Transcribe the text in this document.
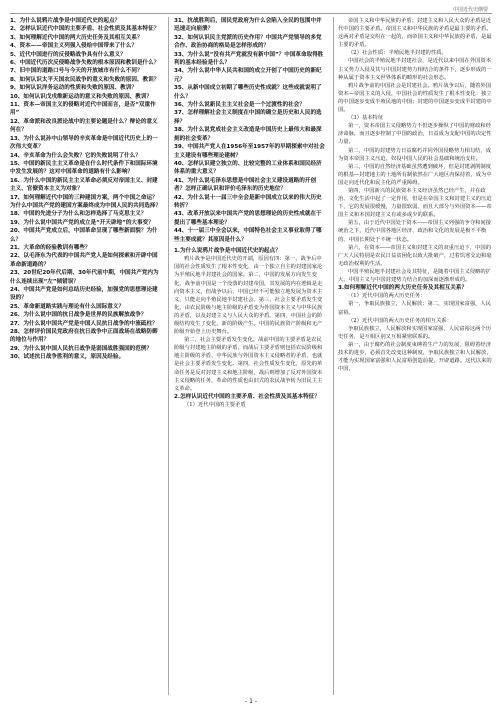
中国近代史纲要

1、为什么说鸦片战争是中国近代史的起点？

2、怎样认识近代中国的主要矛盾、社会性质及其基本特征？

3、如何理解近代中国的两大历史任务及其相互关系？

4、资本——帝国主义列强入侵给中国带来了什么？

5、近代中国进行的反侵略战争具有什么意义？

6、中国近代历次反侵略战争失败的根本原因和教训是什么？

7、旧中国的道路口号与今天的开放城市有什么不同？

8、如何认识太平天国农民战争的意义和失败的原因、教训？

9、如何认识洋务运动的性质和失败的原因、教训？

10、如何认识戊戌维新运动的意义和失败的原因、教训？

11、资本—帝国主义的侵略对近代中国而言，是否“双重作用”

12、革命派和改良派论战中的主要论题是什么？辩论的意义何在？

13、为什么说孙中山领导的辛亥革命是中国近代历史上的一次伟大变革？

14、辛亥革命为什么会失败？它的失败说明了什么？

15、中国的新民主主义革命是在什么时代条件下和国际环境中发生发展的？这对中国革命的道路有什么影响？

16、为什么中国的新民主主义革命必须反对帝国主义、封建主义、官僚资本主义为对象？

17、如何理解近代中国的三种建国方案，两个中国之命运？为什么中国共产党的建国方案最终成为中国人民的共同选择？

18、中国的先进分子为什么和怎样选择了马克思主义？

19、为什么说中国共产党的成立是“开天辟地”的大事变？

20、中国共产党成立后，中国革命呈现了哪些新面貌？为什么？

21、大革命的经验教训有哪些？

22、以毛泽东为代表的中国共产党人是如何探索和开辟中国革命新道路的？

23、20世纪20年代后期、30年代前中期，中国共产党内为什么连续出现“左”倾错误？

24、中国共产党是如何总结历史经验，加强党的思想理论建设的？

25、革命新道路实践与理论有什么国际意义？

26、为什么说中国的抗日战争是世界的民族解放战争？

27、为什么说中国共产党是中国人民抗日战争的中流砥柱？

28、怎样评价国民党政府在抗日战争中正面战场在战略防御的地位与作用？

29、为什么说中国人民抗日战争是弱国战胜强国的范例？

30、试述抗日战争胜利的意义，原因及经验。

31、抗战胜利后，国民党政府为什么会陷入全民的包围中并迅速走向崩溃？

32、如何认识民主党派的历史作用？中国共产党领导的多党合作、政治协商的格局是怎样形成的？

33、为什么说“没有共产党就没有新中国”？中国革命取得胜利的基本经验是什么？

34、为什么说中华人民共和国的成立开创了中国历史的新纪元？

35、从新中国成立初期了哪些历史性成就？这些成就说明了什么？

36、为什么说新民主主义社会是一个过渡性的社会？

37、怎样理解社会主义制度在中国的确立是历史和人民的选择？

38、为什么说党成社会主义改造是中国历史上最伟大和最深刻的社会变革？

39、中国共产党人在1956年至1957年的早期探索中对社会主义建设有哪些理论建树？

40、怎样认识建立独立的、比较完整的工业体系和国民经济体系的重大意义？

41、为什么说毛泽东思想是中国社会主义建设道路的开创者？怎样正确认识和评价毛泽东的历史地位？

42、为什么说十一届三中全会是新中国成立以来的伟大历史转折？

43、改革开放以来中国共产党的思想理论的历史性成就在于提出了哪些基本理论？

44、十一届三中全会以来，中国特色社会主义事业取得了哪些主要成就？其原因是什么？

1.为什么说鸦片战争是中国近代史的起点？

鸦片战争是中国近代史的开端，原因有四：第一，战争后中国的社会性质发生了根本性变化，由一个独立自主的封建国家沦为半殖民地半封建社会的国家。第二，中国的发展方向发生变化，战争前中国是一个没落的封建帝国，其发展的内在逻辑是走向资本主义，但战争以后，中国已经不可能独立地发展为资本主义，只能走向半殖民地半封建社会。第三，社会主要矛盾发生变化，由农民阶级与地主阶级的矛盾变为外国资本主义与中华民族的矛盾，以及封建主义与人民大众的矛盾。第四，中国社会的阶级结构发生了变化，新的阶级产生。中国的民族资产阶级和无产阶级开始登上历史舞台。

第二，社会主要矛盾发生变化。战前中国的主要矛盾是农民阶级与封建地主阶级的矛盾，而战后主要矛盾则包括农民阶级和地主阶级的矛盾、中华民族与外国资本主义侵略者的矛盾，也就是社会主要矛盾发生变化。第四，社会性质发生变化，原先的革命任务是反对封建主义和地主阶级，战后则增加了反对外国资本主义侵略的任务，革命的性质也由旧式的农民战争转为旧民主主义革命。

2.怎样认识近代中国的主要矛盾、社会性质及其基本特征？

（1）近代中国的主要矛盾

帝国主义和中华民族的矛盾；封建主义和人民大众的矛盾是近代中国的主要矛盾。帝国主义和中华民族的矛盾是最主要的矛盾。这两对矛盾是交织在一起的，而帝国主义和中华民族的矛盾，是最主要的矛盾。

（2）社会性质：半殖民地半封建的性质。

中国社会的半殖民地半封建社会，是近代以来中国在外国资本主义势力入侵及其与中国封建势力相结合的条件下，逐步形成的一种从属于资本主义世界体系的畸形的社会形态。

鸦片战争前的中国社会是封建社会。鸦片战争以后，随着外国资本—帝国主义的入侵，中国社会的性质发生了根本性变化：独立的中国逐步变成半殖民地的中国；封建的中国逐步变成半封建的中国。

（3）基本特征

第一，资本帝国主义侵略势力不但逐步操纵了中国的财政和经济命脉，而且逐步控制了中国的政治，日益成为支配中国的决定性力量。

第二，中国的封建势力日益腐朽并同外国侵略势力相勾结，成为资本帝国主义压迫、奴役中国人民的社会基础和统治支柱。

第三，中国的自然经济基础虽然遭到破坏，但是封建剥削制度的根基—封建地主的土地所有制依然在广大地区内保持着，成为中国走向近代化和民主化的严重障碍。

第四，中国新兴的民族资本主义经济虽然已经产生，并在政治、文化生活中起了一定作用，但是在帝国主义和封建主义的压迫下，它的发展很缓慢，力量很软弱，而且大部分与外国资本——帝国主义和本国封建主义有或多或少的联系。

第五，由于近代中国处于资本——帝国主义列强的争夺和间接统治之下，近代中国各地区经济、政治和文化的发展是极不平衡的，中国长期处于不统一状态。

第六，在资本——帝国主义和封建主义的双重压迫下，中国的广大人民特别是农民日益贫困化以致大批破产，过着饥寒交迫和毫无政治权利的生活。

中国半殖民地半封建社会及其特征，是随着中国主义侵略的扩大，中国主义与中国封建势力结合的加深而逐渐形成的。

3.如何理解近代中国的两大历史任务及其相互关系？

（1）近代中国的两大历史任务：

第一，争取民族独立，人民解放；第二，实现国家富强，人民富裕。

（2）近代中国的两大历史任务的相互关系：

争取民族独立，人民解放和实现国家富强，人民富裕这两个历史任务，是互相区别又互相紧密联系的。

第一，由于腐朽的社会制度束缚着生产力的发展，阻碍着经济技术的进步，必须首先改变这种制度，争取民族独立和人民解放，才能为实现国家富强和人民富裕创造前提，开辟道路。这代以来的中国，

- 1 -
